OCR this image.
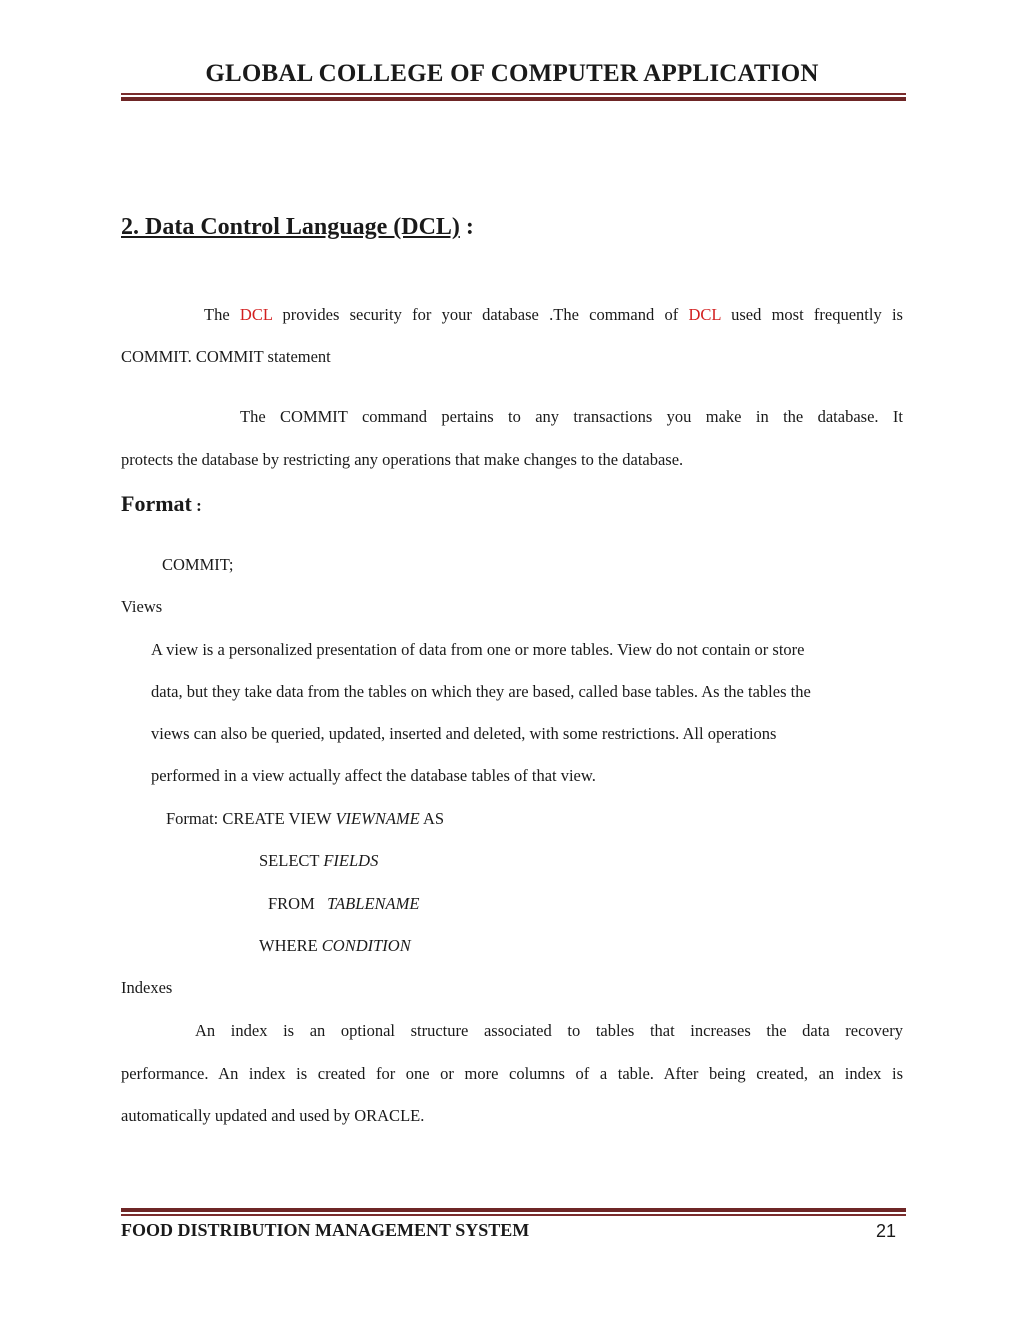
GLOBAL COLLEGE OF COMPUTER APPLICATION
2. Data Control Language (DCL) :
The DCL provides security for your database .The command of DCL used most frequently is
COMMIT. COMMIT statement
The COMMIT command pertains to any transactions you make in the database. It
protects the database by restricting any operations that make changes to the database.
Format :
COMMIT;
Views
A view is a personalized presentation of data from one or more tables. View do not contain or store
data, but they take data from the tables on which they are based, called base tables. As the tables the
views can also be queried, updated, inserted and deleted, with some restrictions. All operations
performed in a view actually affect the database tables of that view.
Format: CREATE VIEW VIEWNAME AS
SELECT FIELDS
FROM   TABLENAME
WHERE CONDITION
Indexes
An index is an optional structure associated to tables that increases the data recovery
performance. An index is created for one or more columns of a table. After being created, an index is
automatically updated and used by ORACLE.
FOOD DISTRIBUTION MANAGEMENT SYSTEM	21
